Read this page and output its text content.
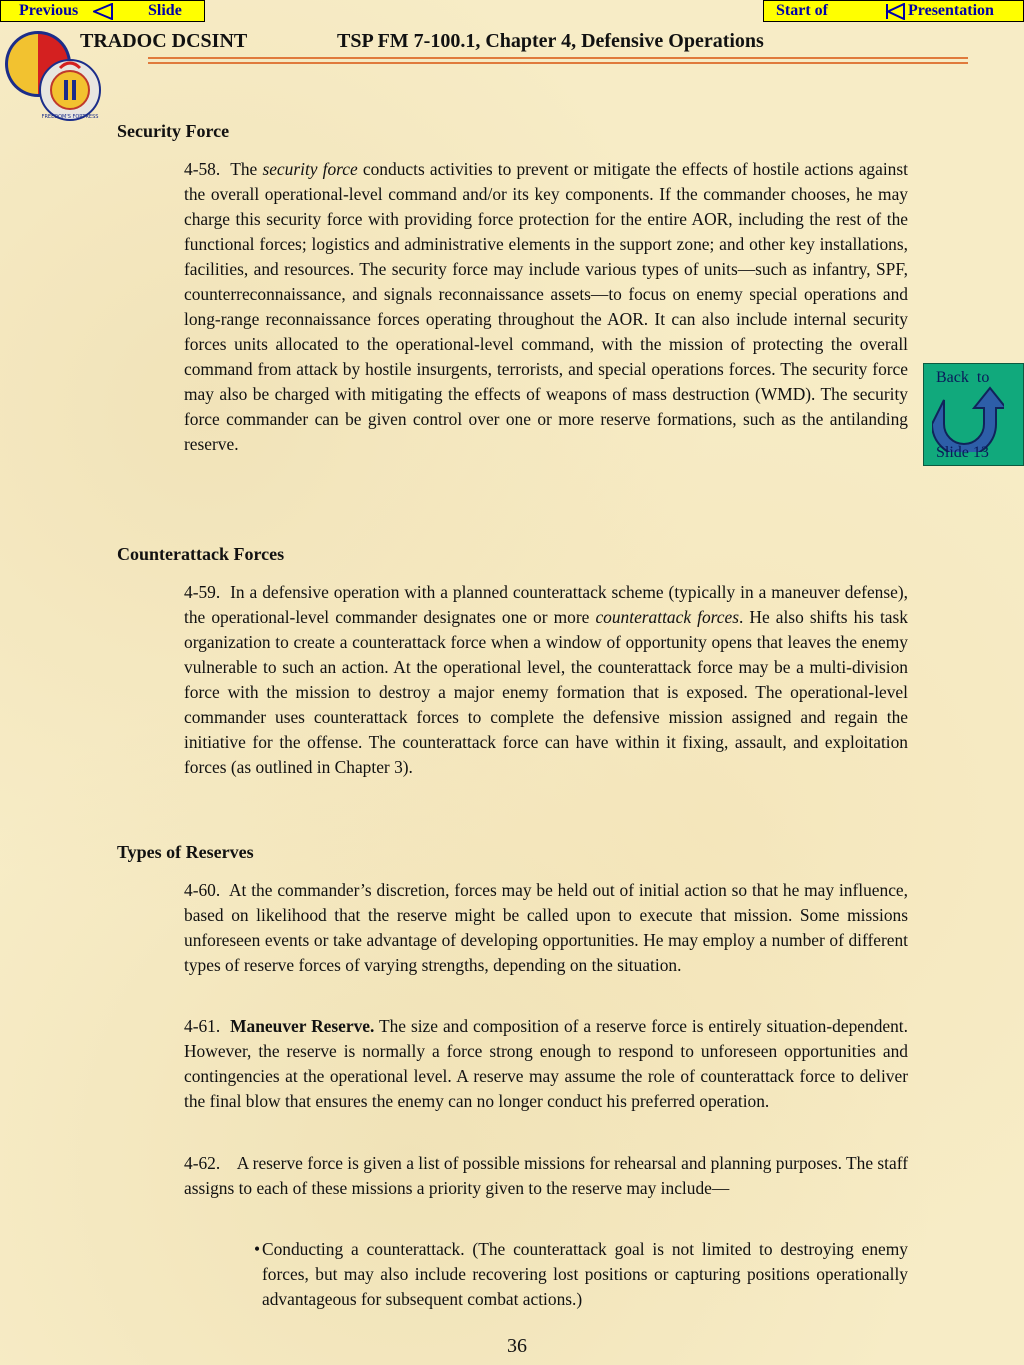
Previous	Slide	Start of	Presentation
FREEDOM'S FORTRESS
TRADOC DCSINT	TSP FM 7-100.1, Chapter 4, Defensive Operations
Security Force

4-58. The security force conducts activities to prevent or mitigate the effects of hostile actions against the overall operational-level command and/or its key components. If the commander chooses, he may charge this security force with providing force protection for the entire AOR, including the rest of the functional forces; logistics and administrative elements in the support zone; and other key installations, facilities, and resources. The security force may include various types of units—such as infantry, SPF, counterreconnaissance, and signals reconnaissance assets—to focus on enemy special operations and long-range reconnaissance forces operating throughout the AOR. It can also include internal security forces units allocated to the operational-level command, with the mission of protecting the overall command from attack by hostile insurgents, terrorists, and special operations forces. The security force may also be charged with mitigating the effects of weapons of mass destruction (WMD). The security force commander can be given control over one or more reserve formations, such as the antilanding reserve.

Counterattack Forces

4-59. In a defensive operation with a planned counterattack scheme (typically in a maneuver defense), the operational-level commander designates one or more counterattack forces. He also shifts his task organization to create a counterattack force when a window of opportunity opens that leaves the enemy vulnerable to such an action. At the operational level, the counterattack force may be a multi-division force with the mission to destroy a major enemy formation that is exposed. The operational-level commander uses counterattack forces to complete the defensive mission assigned and regain the initiative for the offense. The counterattack force can have within it fixing, assault, and exploitation forces (as outlined in Chapter 3).

Types of Reserves

4-60. At the commander’s discretion, forces may be held out of initial action so that he may influence, based on likelihood that the reserve might be called upon to execute that mission. Some missions unforeseen events or take advantage of developing opportunities. He may employ a number of different types of reserve forces of varying strengths, depending on the situation.

4-61. Maneuver Reserve. The size and composition of a reserve force is entirely situation-dependent. However, the reserve is normally a force strong enough to respond to unforeseen opportunities and contingencies at the operational level. A reserve may assume the role of counterattack force to deliver the final blow that ensures the enemy can no longer conduct his preferred operation.

4-62. A reserve force is given a list of possible missions for rehearsal and planning purposes. The staff assigns to each of these missions a priority given to the reserve may include—

• Conducting a counterattack. (The counterattack goal is not limited to destroying enemy forces, but may also include recovering lost positions or capturing positions operationally advantageous for subsequent combat actions.)

Back  to
Slide 13
36
